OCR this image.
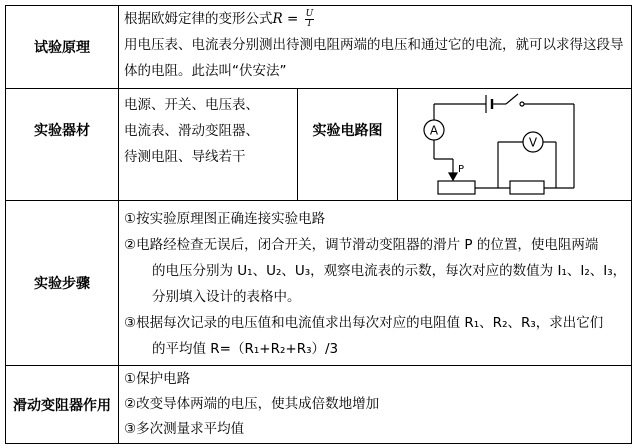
试验原理
根据欧姆定律的变形公式$R = \frac{U}{I}$
用电压表、电流表分别测出待测电阻两端的电压和通过它的电流，就可以求得这段导体的电阻。此法叫“伏安法”
实验器材
电源、开关、电压表、
电流表、滑动变阻器、
待测电阻、导线若干
实验电路图	A
V
P
实验步骤
①按实验原理图正确连接实验电路
②电路经检查无误后，闭合开关，调节滑动变阻器的滑片 P 的位置，使电阻两端
的电压分别为 U₁、U₂、U₃，观察电流表的示数，每次对应的数值为 I₁、I₂、I₃，
分别填入设计的表格中。
③根据每次记录的电压值和电流值求出每次对应的电阻值 R₁、R₂、R₃，求出它们
的平均值 R=（R₁+R₂+R₃）/3
滑动变阻器作用
①保护电路
②改变导体两端的电压，使其成倍数地增加
③多次测量求平均值
